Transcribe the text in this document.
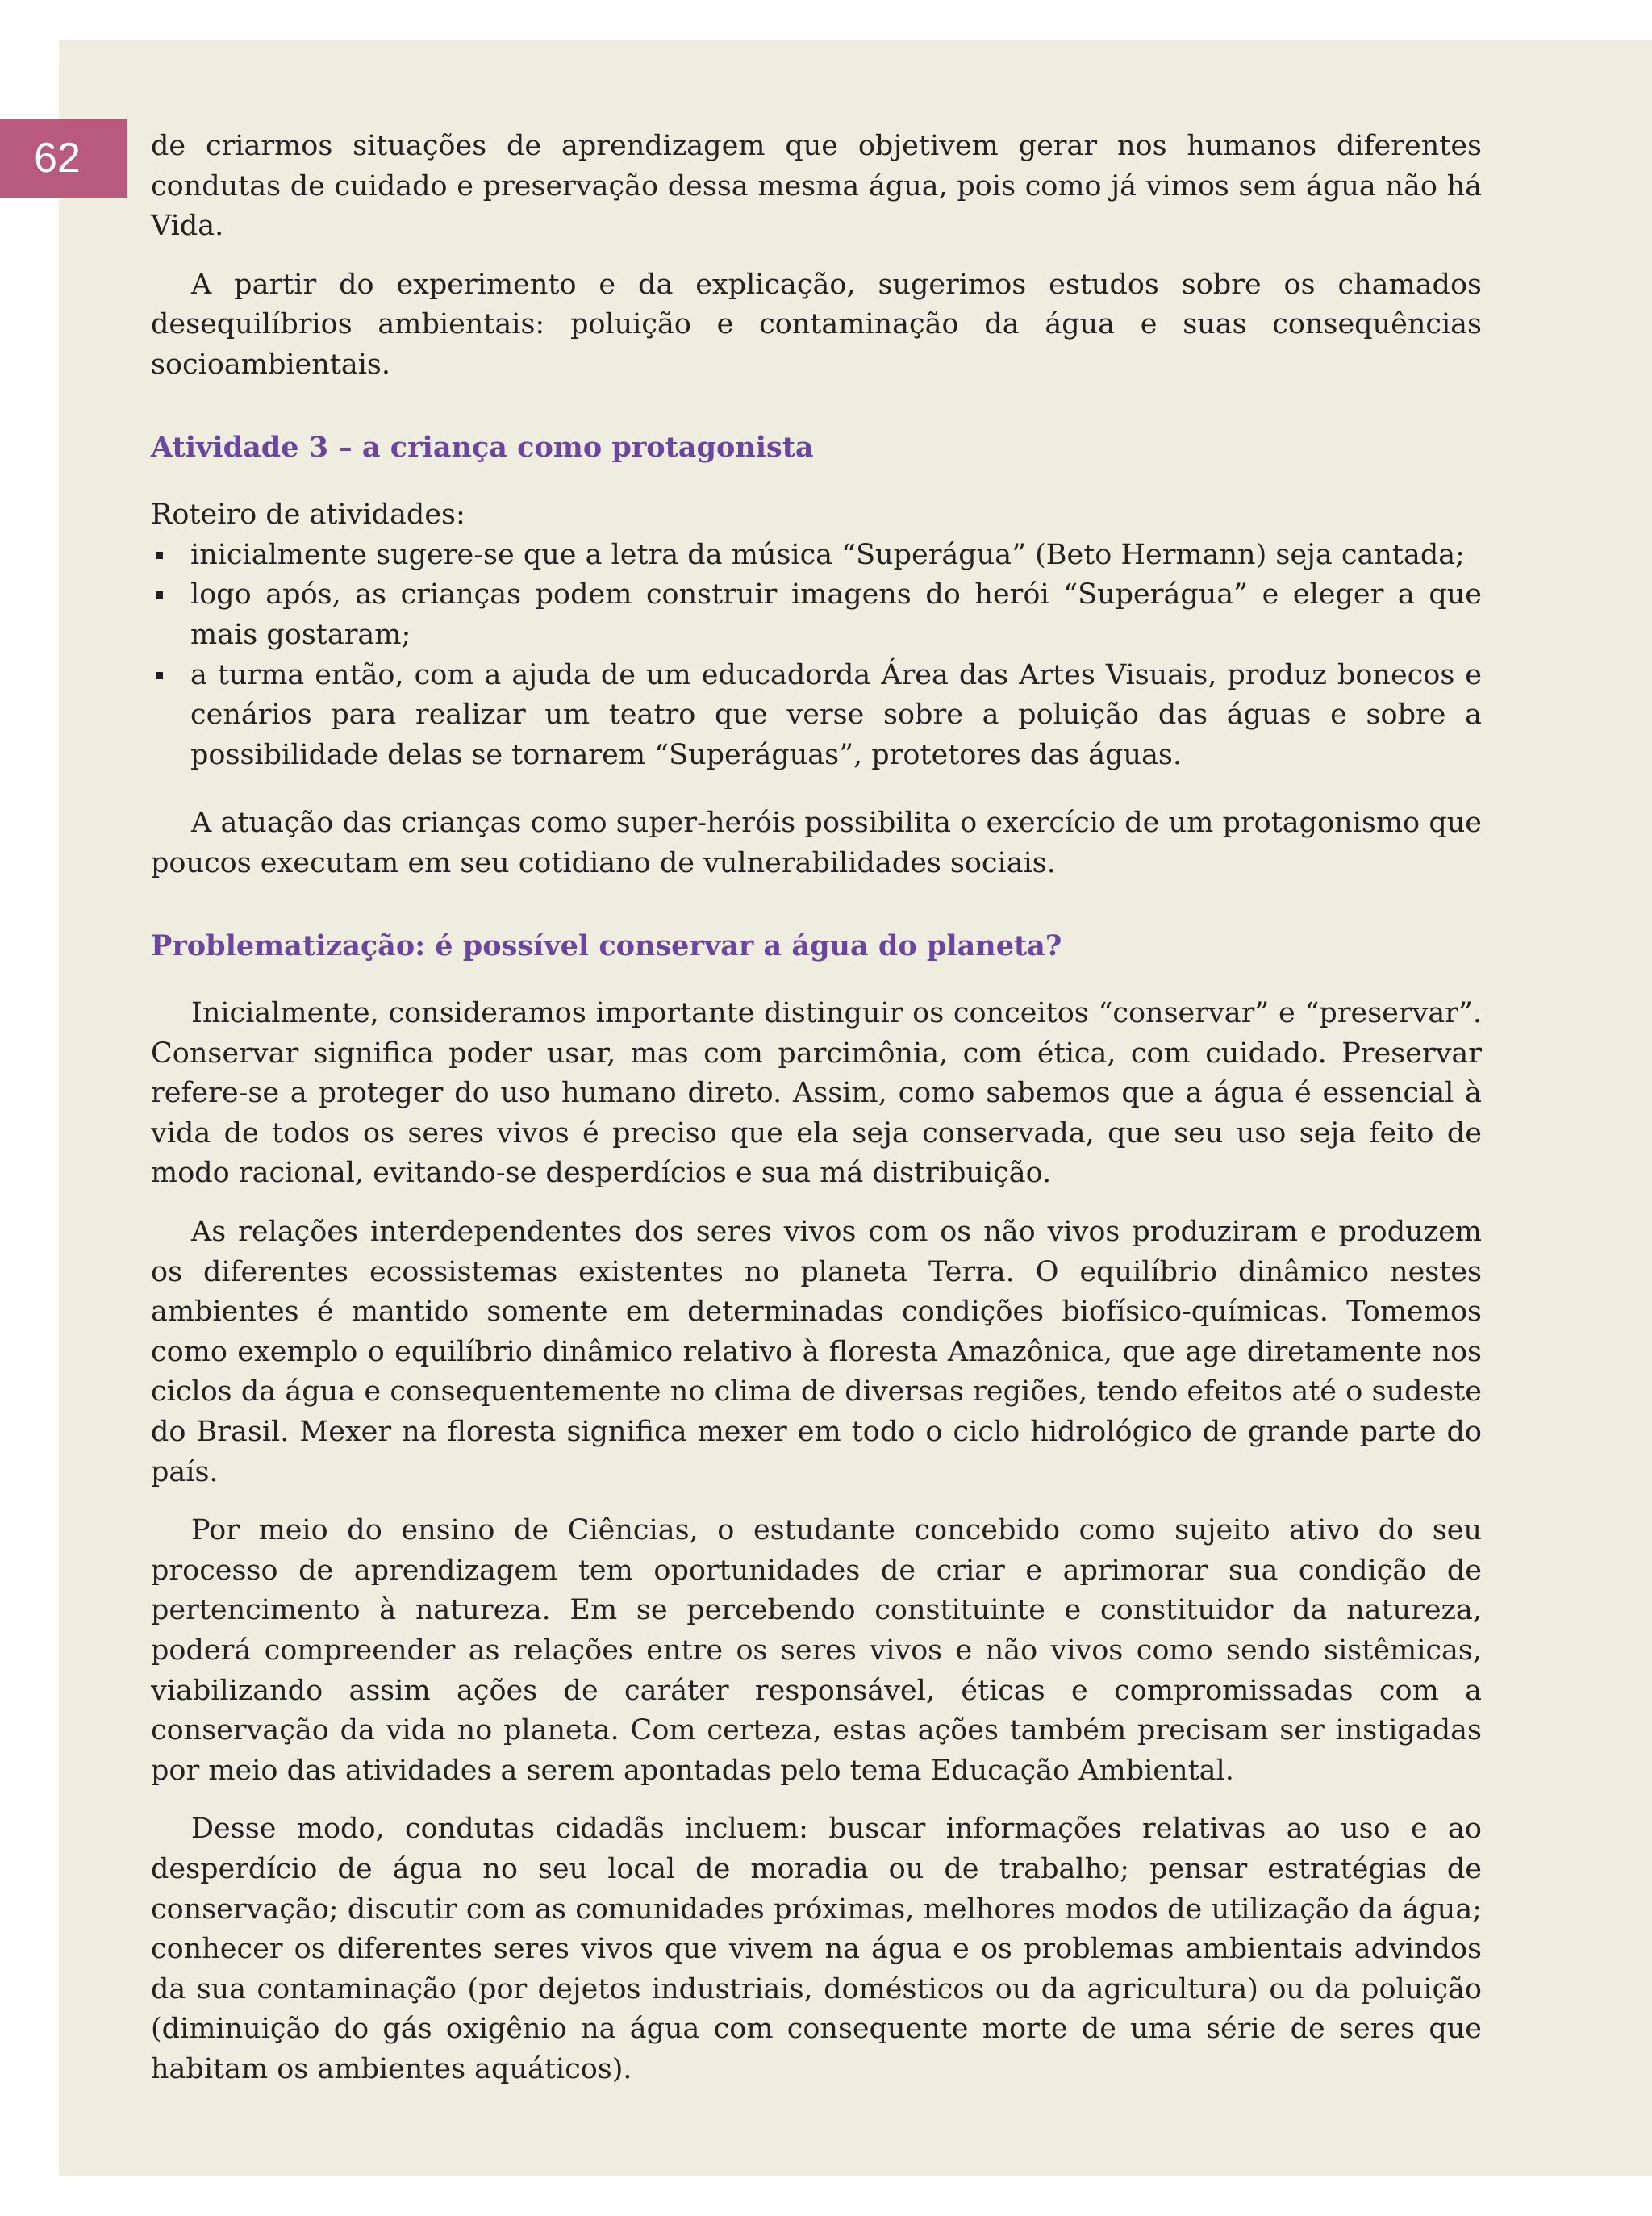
62	de criarmos situações de aprendizagem que objetivem gerar nos humanos diferentes condutas de cuidado e preservação dessa mesma água, pois como já vimos sem água não há Vida.

A partir do experimento e da explicação, sugerimos estudos sobre os chamados desequilíbrios ambientais: poluição e contaminação da água e suas consequências socioambientais.

Atividade 3 – a criança como protagonista

Roteiro de atividades:

inicialmente sugere-se que a letra da música “Superágua” (Beto Hermann) seja cantada;
logo após, as crianças podem construir imagens do herói “Superágua” e eleger a que mais gostaram;
a turma então, com a ajuda de um educadorda Área das Artes Visuais, produz bonecos e cenários para realizar um teatro que verse sobre a poluição das águas e sobre a possibilidade delas se tornarem “Superáguas”, protetores das águas.

A atuação das crianças como super-heróis possibilita o exercício de um protagonismo que poucos executam em seu cotidiano de vulnerabilidades sociais.

Problematização: é possível conservar a água do planeta?

Inicialmente, consideramos importante distinguir os conceitos “conservar” e “preservar”. Conservar significa poder usar, mas com parcimônia, com ética, com cuidado. Preservar refere-se a proteger do uso humano direto. Assim, como sabemos que a água é essencial à vida de todos os seres vivos é preciso que ela seja conservada, que seu uso seja feito de modo racional, evitando-se desperdícios e sua má distribuição.

As relações interdependentes dos seres vivos com os não vivos produziram e produzem os diferentes ecossistemas existentes no planeta Terra. O equilíbrio dinâmico nestes ambientes é mantido somente em determinadas condições biofísico-químicas. Tomemos como exemplo o equilíbrio dinâmico relativo à floresta Amazônica, que age diretamente nos ciclos da água e consequentemente no clima de diversas regiões, tendo efeitos até o sudeste do Brasil. Mexer na floresta significa mexer em todo o ciclo hidrológico de grande parte do país.

Por meio do ensino de Ciências, o estudante concebido como sujeito ativo do seu processo de aprendizagem tem oportunidades de criar e aprimorar sua condição de pertencimento à natureza. Em se percebendo constituinte e constituidor da natureza, poderá compreender as relações entre os seres vivos e não vivos como sendo sistêmicas, viabilizando assim ações de caráter responsável, éticas e compromissadas com a conservação da vida no planeta. Com certeza, estas ações também precisam ser instigadas por meio das atividades a serem apontadas pelo tema Educação Ambiental.

Desse modo, condutas cidadãs incluem: buscar informações relativas ao uso e ao desperdício de água no seu local de moradia ou de trabalho; pensar estratégias de conservação; discutir com as comunidades próximas, melhores modos de utilização da água; conhecer os diferentes seres vivos que vivem na água e os problemas ambientais advindos da sua contaminação (por dejetos industriais, domésticos ou da agricultura) ou da poluição (diminuição do gás oxigênio na água com consequente morte de uma série de seres que habitam os ambientes aquáticos).
